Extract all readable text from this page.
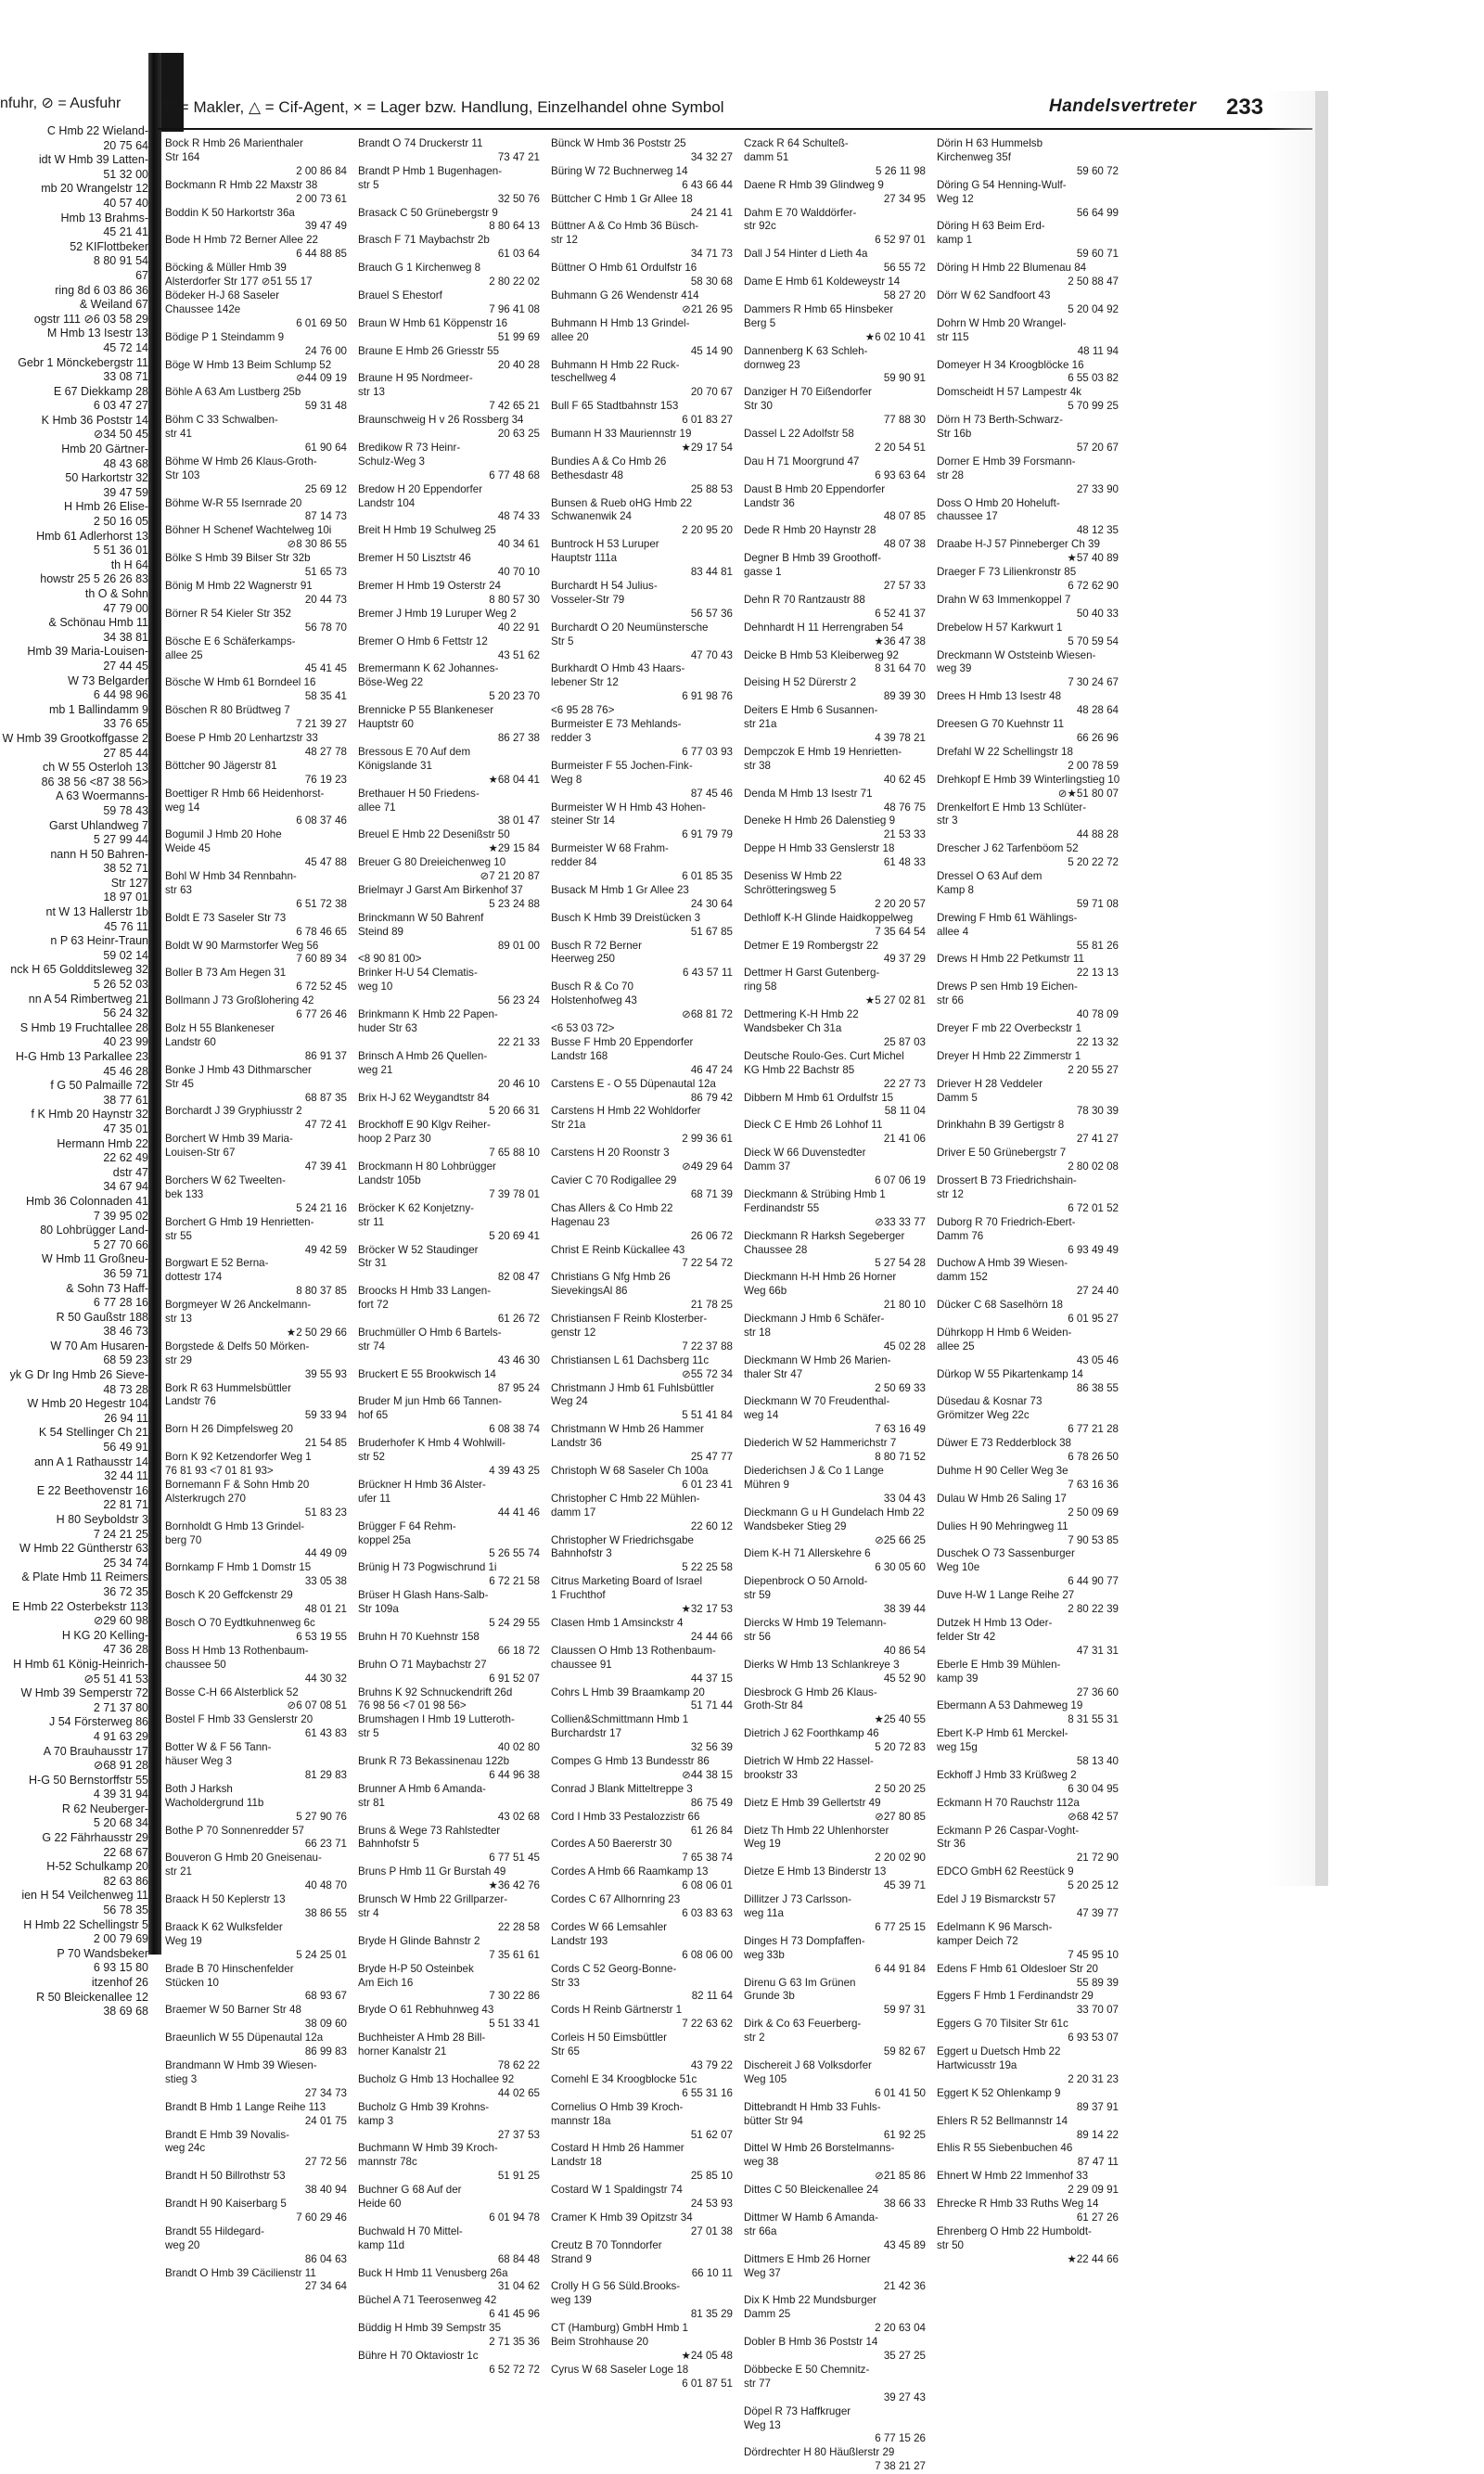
nfuhr, ⊘ = Ausfuhr
C Hmb 22 Wieland-
20 75 64
idt W Hmb 39 Latten-
51 32 00
mb 20 Wrangelstr 12
40 57 40
Hmb 13 Brahms-
45 21 41
52 KIFlottbeker
8 80 91 54
67
ring 8d 6 03 86 36
& Weiland 67
ogstr 111 ⊘6 03 58 29
M Hmb 13 Isestr 13
45 72 14
Gebr 1 Mönckebergstr 11
33 08 71
E 67 Diekkamp 28
6 03 47 27
K Hmb 36 Poststr 14
⊘34 50 45
Hmb 20 Gärtner-
48 43 68
50 Harkortstr 32
39 47 59
H Hmb 26 Elise-
2 50 16 05
Hmb 61 Adlerhorst 13
5 51 36 01
th H 64
howstr 25 5 26 26 83
th O & Sohn
47 79 00
& Schönau Hmb 11
34 38 81
Hmb 39 Maria-Louisen-
27 44 45
W 73 Belgarder
6 44 98 96
mb 1 Ballindamm 9
33 76 65
W Hmb 39 Grootkoffgasse 2
27 85 44
ch W 55 Osterloh 13
86 38 56 <87 38 56>
A 63 Woermanns-
59 78 43
Garst Uhlandweg 7
5 27 99 44
nann H 50 Bahren-
38 52 71
Str 127
18 97 01
nt W 13 Hallerstr 1b
45 76 11
n P 63 Heinr-Traun
59 02 14
nck H 65 Goldditsleweg 32
5 26 52 03
nn A 54 Rimbertweg 21
56 24 32
S Hmb 19 Fruchtallee 28
40 23 99
H-G Hmb 13 Parkallee 23
45 46 28
f G 50 Palmaille 72
38 77 61
f K Hmb 20 Haynstr 32
47 35 01
Hermann Hmb 22
22 62 49
dstr 47
34 67 94
Hmb 36 Colonnaden 41
7 39 95 02
80 Lohbrügger Land-
5 27 70 66
W Hmb 11 Großneu-
36 59 71
& Sohn 73 Haff-
6 77 28 16
R 50 Gaußstr 188
38 46 73
W 70 Am Husaren-
68 59 23
yk G Dr Ing Hmb 26 Sieve-
48 73 28
W Hmb 20 Hegestr 104
26 94 11
K 54 Stellinger Ch 21
56 49 91
ann A 1 Rathausstr 14
32 44 11
E 22 Beethovenstr 16
22 81 71
H 80 Seyboldstr 3
7 24 21 25
W Hmb 22 Güntherstr 63
25 34 74
& Plate Hmb 11 Reimers
36 72 35
E Hmb 22 Osterbekstr 113
⊘29 60 98
H KG 20 Kelling-
47 36 28
H Hmb 61 König-Heinrich-
⊘5 51 41 53
W Hmb 39 Semperstr 72
2 71 37 80
J 54 Försterweg 86
4 91 63 29
A 70 Brauhausstr 17
⊘68 91 28
H-G 50 Bernstorffstr 55
4 39 31 94
R 62 Neuberger-
5 20 68 34
G 22 Fährhausstr 29
22 68 67
H-52 Schulkamp 20
82 63 86
ien H 54 Veilchenweg 11
56 78 35
H Hmb 22 Schellingstr 5
2 00 79 69
P 70 Wandsbeker
6 93 15 80
itzenhof 26
R 50 Bleickenallee 12
38 69 68
▽ = Makler, △ = Cif-Agent, × = Lager bzw. Handlung, Einzelhandel ohne Symbol	Handelsvertreter 233
Bock R Hmb 26 Marienthaler
Str 164
2 00 86 84
Bockmann R Hmb 22 Maxstr 38
2 00 73 61
Boddin K 50 Harkortstr 36a
39 47 49
Bode H Hmb 72 Berner Allee 22
6 44 88 85
Böcking & Müller Hmb 39
Alsterdorfer Str 177 ⊘51 55 17
Bödeker H-J 68 Saseler
Chaussee 142e
6 01 69 50
Bödige P 1 Steindamm 9
24 76 00
Böge W Hmb 13 Beim Schlump 52
⊘44 09 19
Böhle A 63 Am Lustberg 25b
59 31 48
Böhm C 33 Schwalben-
str 41
61 90 64
Böhme W Hmb 26 Klaus-Groth-
Str 103
25 69 12
Böhme W-R 55 Isernrade 20
87 14 73
Böhner H Schenef Wachtelweg 10i
⊘8 30 86 55
Bölke S Hmb 39 Bilser Str 32b
51 65 73
Bönig M Hmb 22 Wagnerstr 91
20 44 73
Börner R 54 Kieler Str 352
56 78 70
Bösche E 6 Schäferkamps-
allee 25
45 41 45
Bösche W Hmb 61 Borndeel 16
58 35 41
Böschen R 80 Brüdtweg 7
7 21 39 27
Boese P Hmb 20 Lenhartzstr 33
48 27 78
Böttcher 90 Jägerstr 81
76 19 23
Boettiger R Hmb 66 Heidenhorst-
weg 14
6 08 37 46
Bogumil J Hmb 20 Hohe
Weide 45
45 47 88
Bohl W Hmb 34 Rennbahn-
str 63
6 51 72 38
Boldt E 73 Saseler Str 73
6 78 46 65
Boldt W 90 Marmstorfer Weg 56
7 60 89 34
Boller B 73 Am Hegen 31
6 72 52 45
Bollmann J 73 Großlohering 42
6 77 26 46
Bolz H 55 Blankeneser
Landstr 60
86 91 37
Bonke J Hmb 43 Dithmarscher
Str 45
68 87 35
Borchardt J 39 Gryphiusstr 2
47 72 41
Borchert W Hmb 39 Maria-
Louisen-Str 67
47 39 41
Borchers W 62 Tweelten-
bek 133
5 24 21 16
Borchert G Hmb 19 Henrietten-
str 55
49 42 59
Borgwart E 52 Berna-
dottestr 174
8 80 37 85
Borgmeyer W 26 Anckelmann-
str 13
★2 50 29 66
Borgstede & Delfs 50 Mörken-
str 29
39 55 93
Bork R 63 Hummelsbüttler
Landstr 76
59 33 94
Born H 26 Dimpfelsweg 20
21 54 85
Born K 92 Ketzendorfer Weg 1
76 81 93 <7 01 81 93>
Bornemann F & Sohn Hmb 20
Alsterkrugch 270
51 83 23
Bornholdt G Hmb 13 Grindel-
berg 70
44 49 09
Bornkamp F Hmb 1 Domstr 15
33 05 38
Bosch K 20 Geffckenstr 29
48 01 21
Bosch O 70 Eydtkuhnenweg 6c
6 53 19 55
Boss H Hmb 13 Rothenbaum-
chaussee 50
44 30 32
Bosse C-H 66 Alsterblick 52
⊘6 07 08 51
Bostel F Hmb 33 Genslerstr 20
61 43 83
Botter W & F 56 Tann-
häuser Weg 3
81 29 83
Both J Harksh
Wacholdergrund 11b
5 27 90 76
Bothe P 70 Sonnenredder 57
66 23 71
Bouveron G Hmb 20 Gneisenau-
str 21
40 48 70
Braack H 50 Keplerstr 13
38 86 55
Braack K 62 Wulksfelder
Weg 19
5 24 25 01
Brade B 70 Hinschenfelder
Stücken 10
68 93 67
Braemer W 50 Barner Str 48
38 09 60
Braeunlich W 55 Düpenautal 12a
86 99 83
Brandmann W Hmb 39 Wiesen-
stieg 3
27 34 73
Brandt B Hmb 1 Lange Reihe 113
24 01 75
Brandt E Hmb 39 Novalis-
weg 24c
27 72 56
Brandt H 50 Billrothstr 53
38 40 94
Brandt H 90 Kaiserbarg 5
7 60 29 46
Brandt 55 Hildegard-
weg 20
86 04 63
Brandt O Hmb 39 Cäcilienstr 11
27 34 64
Brandt O 74 Druckerstr 11
73 47 21
Brandt P Hmb 1 Bugenhagen-
str 5
32 50 76
Brasack C 50 Grünebergstr 9
8 80 64 13
Brasch F 71 Maybachstr 2b
61 03 64
Brauch G 1 Kirchenweg 8
2 80 22 02
Brauel S Ehestorf
7 96 41 08
Braun W Hmb 61 Köppenstr 16
51 99 69
Braune E Hmb 26 Griesstr 55
20 40 28
Braune H 95 Nordmeer-
str 13
7 42 65 21
Braunschweig H v 26 Rossberg 34
20 63 25
Bredikow R 73 Heinr-
Schulz-Weg 3
6 77 48 68
Bredow H 20 Eppendorfer
Landstr 104
48 74 33
Breit H Hmb 19 Schulweg 25
40 34 61
Bremer H 50 Lisztstr 46
40 70 10
Bremer H Hmb 19 Osterstr 24
8 80 57 30
Bremer J Hmb 19 Luruper Weg 2
40 22 91
Bremer O Hmb 6 Fettstr 12
43 51 62
Bremermann K 62 Johannes-
Böse-Weg 22
5 20 23 70
Brennicke P 55 Blankeneser
Hauptstr 60
86 27 38
Bressous E 70 Auf dem
Königslande 31
★68 04 41
Brethauer H 50 Friedens-
allee 71
38 01 47
Breuel E Hmb 22 Desenißstr 50
★29 15 84
Breuer G 80 Dreieichenweg 10
⊘7 21 20 87
Brielmayr J Garst Am Birkenhof 37
5 23 24 88
Brinckmann W 50 Bahrenf
Steind 89
89 01 00
<8 90 81 00>
Brinker H-U 54 Clematis-
weg 10
56 23 24
Brinkmann K Hmb 22 Papen-
huder Str 63
22 21 33
Brinsch A Hmb 26 Quellen-
weg 21
20 46 10
Brix H-J 62 Weygandtstr 84
5 20 66 31
Brockhoff E 90 Klgv Reiher-
hoop 2 Parz 30
7 65 88 10
Brockmann H 80 Lohbrügger
Landstr 105b
7 39 78 01
Bröcker K 62 Konjetzny-
str 11
5 20 69 41
Bröcker W 52 Staudinger
Str 31
82 08 47
Broocks H Hmb 33 Langen-
fort 72
61 26 72
Bruchmüller O Hmb 6 Bartels-
str 74
43 46 30
Bruckert E 55 Brookwisch 14
87 95 24
Bruder M jun Hmb 66 Tannen-
hof 65
6 08 38 74
Bruderhofer K Hmb 4 Wohlwill-
str 52
4 39 43 25
Brückner H Hmb 36 Alster-
ufer 11
44 41 46
Brügger F 64 Rehm-
koppel 25a
5 26 55 74
Brünig H 73 Pogwischrund 1i
6 72 21 58
Brüser H Glash Hans-Salb-
Str 109a
5 24 29 55
Bruhn H 70 Kuehnstr 158
66 18 72
Bruhn O 71 Maybachstr 27
6 91 52 07
Bruhns K 92 Schnuckendrift 26d
76 98 56 <7 01 98 56>
Brumshagen I Hmb 19 Lutteroth-
str 5
40 02 80
Brunk R 73 Bekassinenau 122b
6 44 96 38
Brunner A Hmb 6 Amanda-
str 81
43 02 68
Bruns & Wege 73 Rahlstedter
Bahnhofstr 5
6 77 51 45
Bruns P Hmb 11 Gr Burstah 49
★36 42 76
Brunsch W Hmb 22 Grillparzer-
str 4
22 28 58
Bryde H Glinde Bahnstr 2
7 35 61 61
Bryde H-P 50 Osteinbek
Am Eich 16
7 30 22 86
Bryde O 61 Rebhuhnweg 43
5 51 33 41
Buchheister A Hmb 28 Bill-
horner Kanalstr 21
78 62 22
Bucholz G Hmb 13 Hochallee 92
44 02 65
Bucholz G Hmb 39 Krohns-
kamp 3
27 37 53
Buchmann W Hmb 39 Kroch-
mannstr 78c
51 91 25
Buchner G 68 Auf der
Heide 60
6 01 94 78
Buchwald H 70 Mittel-
kamp 11d
68 84 48
Buck H Hmb 11 Venusberg 26a
31 04 62
Büchel A 71 Teerosenweg 42
6 41 45 96
Büddig H Hmb 39 Sempstr 35
2 71 35 36
Bühre H 70 Oktaviostr 1c
6 52 72 72
Bünck W Hmb 36 Poststr 25
34 32 27
Büring W 72 Buchnerweg 14
6 43 66 44
Büttcher C Hmb 1 Gr Allee 18
24 21 41
Büttner A & Co Hmb 36 Büsch-
str 12
34 71 73
Büttner O Hmb 61 Ordulfstr 16
58 30 68
Buhmann G 26 Wendenstr 414
⊘21 26 95
Buhmann H Hmb 13 Grindel-
allee 20
45 14 90
Buhmann H Hmb 22 Ruck-
teschellweg 4
20 70 67
Bull F 65 Stadtbahnstr 153
6 01 83 27
Bumann H 33 Mauriennstr 19
★29 17 54
Bundies A & Co Hmb 26
Bethesdastr 48
25 88 53
Bunsen & Rueb oHG Hmb 22
Schwanenwik 24
2 20 95 20
Buntrock H 53 Luruper
Hauptstr 111a
83 44 81
Burchardt H 54 Julius-
Vosseler-Str 79
56 57 36
Burchardt O 20 Neumünstersche
Str 5
47 70 43
Burkhardt O Hmb 43 Haars-
lebener Str 12
6 91 98 76
<6 95 28 76>
Burmeister E 73 Mehlands-
redder 3
6 77 03 93
Burmeister F 55 Jochen-Fink-
Weg 8
87 45 46
Burmeister W H Hmb 43 Hohen-
steiner Str 14
6 91 79 79
Burmeister W 68 Frahm-
redder 84
6 01 85 35
Busack M Hmb 1 Gr Allee 23
24 30 64
Busch K Hmb 39 Dreistücken 3
51 67 85
Busch R 72 Berner
Heerweg 250
6 43 57 11
Busch R & Co 70
Holstenhofweg 43
⊘68 81 72
<6 53 03 72>
Busse F Hmb 20 Eppendorfer
Landstr 168
46 47 24
Carstens E - O 55 Düpenautal 12a
86 79 42
Carstens H Hmb 22 Wohldorfer
Str 21a
2 99 36 61
Carstens H 20 Roonstr 3
⊘49 29 64
Cavier C 70 Rodigallee 29
68 71 39
Chas Allers & Co Hmb 22
Hagenau 23
26 06 72
Christ E Reinb Kückallee 43
7 22 54 72
Christians G Nfg Hmb 26
SievekingsAl 86
21 78 25
Christiansen F Reinb Klosterber-
genstr 12
7 22 37 88
Christiansen L 61 Dachsberg 11c
⊘55 72 34
Christmann J Hmb 61 Fuhlsbüttler
Weg 24
5 51 41 84
Christmann W Hmb 26 Hammer
Landstr 36
25 47 77
Christoph W 68 Saseler Ch 100a
6 01 23 41
Christopher C Hmb 22 Mühlen-
damm 17
22 60 12
Christopher W Friedrichsgabe
Bahnhofstr 3
5 22 25 58
Citrus Marketing Board of Israel
1 Fruchthof
★32 17 53
Clasen Hmb 1 Amsinckstr 4
24 44 66
Claussen O Hmb 13 Rothenbaum-
chaussee 91
44 37 15
Cohrs L Hmb 39 Braamkamp 20
51 71 44
Collien&Schmittmann Hmb 1
Burchardstr 17
32 56 39
Compes G Hmb 13 Bundesstr 86
⊘44 38 15
Conrad J Blank Mitteltreppe 3
86 75 49
Cord I Hmb 33 Pestalozzistr 66
61 26 84
Cordes A 50 Baererstr 30
7 65 38 74
Cordes A Hmb 66 Raamkamp 13
6 08 06 01
Cordes C 67 Allhornring 23
6 03 83 63
Cordes W 66 Lemsahler
Landstr 193
6 08 06 00
Cords C 52 Georg-Bonne-
Str 33
82 11 64
Cords H Reinb Gärtnerstr 1
7 22 63 62
Corleis H 50 Eimsbüttler
Str 65
43 79 22
Cornehl E 34 Kroogblocke 51c
6 55 31 16
Cornelius O Hmb 39 Kroch-
mannstr 18a
51 62 07
Costard H Hmb 26 Hammer
Landstr 18
25 85 10
Costard W 1 Spaldingstr 74
24 53 93
Cramer K Hmb 39 Opitzstr 34
27 01 38
Creutz B 70 Tonndorfer
Strand 9
66 10 11
Crolly H G 56 Süld.Brooks-
weg 139
81 35 29
CT (Hamburg) GmbH Hmb 1
Beim Strohhause 20
★24 05 48
Cyrus W 68 Saseler Loge 18
6 01 87 51
Czack R 64 Schulteß-
damm 51
5 26 11 98
Daene R Hmb 39 Glindweg 9
27 34 95
Dahm E 70 Walddörfer-
str 92c
6 52 97 01
Dall J 54 Hinter d Lieth 4a
56 55 72
Dame E Hmb 61 Koldeweystr 14
58 27 20
Dammers R Hmb 65 Hinsbeker
Berg 5
★6 02 10 41
Dannenberg K 63 Schleh-
dornweg 23
59 90 91
Danziger H 70 Eißendorfer
Str 30
77 88 30
Dassel L 22 Adolfstr 58
2 20 54 51
Dau H 71 Moorgrund 47
6 93 63 64
Daust B Hmb 20 Eppendorfer
Landstr 36
48 07 85
Dede R Hmb 20 Haynstr 28
48 07 38
Degner B Hmb 39 Groothoff-
gasse 1
27 57 33
Dehn R 70 Rantzaustr 88
6 52 41 37
Dehnhardt H 11 Herrengraben 54
★36 47 38
Deicke B Hmb 53 Kleiberweg 92
8 31 64 70
Deising H 52 Dürerstr 2
89 39 30
Deiters E Hmb 6 Susannen-
str 21a
4 39 78 21
Dempczok E Hmb 19 Henrietten-
str 38
40 62 45
Denda M Hmb 13 Isestr 71
48 76 75
Deneke H Hmb 26 Dalenstieg 9
21 53 33
Deppe H Hmb 33 Genslerstr 18
61 48 33
Deseniss W Hmb 22
Schrötteringsweg 5
2 20 20 57
Dethloff K-H Glinde Haidkoppelweg
7 35 64 54
Detmer E 19 Rombergstr 22
49 37 29
Dettmer H Garst Gutenberg-
ring 58
★5 27 02 81
Dettmering K-H Hmb 22
Wandsbeker Ch 31a
25 87 03
Deutsche Roulo-Ges. Curt Michel
KG Hmb 22 Bachstr 85
22 27 73
Dibbern M Hmb 61 Ordulfstr 15
58 11 04
Dieck C E Hmb 26 Lohhof 11
21 41 06
Dieck W 66 Duvenstedter
Damm 37
6 07 06 19
Dieckmann & Strübing Hmb 1
Ferdinandstr 55
⊘33 33 77
Dieckmann R Harksh Segeberger
Chaussee 28
5 27 54 28
Dieckmann H-H Hmb 26 Horner
Weg 66b
21 80 10
Dieckmann J Hmb 6 Schäfer-
str 18
45 02 28
Dieckmann W Hmb 26 Marien-
thaler Str 47
2 50 69 33
Dieckmann W 70 Freudenthal-
weg 14
7 63 16 49
Diederich W 52 Hammerichstr 7
8 80 71 52
Diederichsen J & Co 1 Lange
Mühren 9
33 04 43
Dieckmann G u H Gundelach Hmb 22
Wandsbeker Stieg 29
⊘25 66 25
Diem K-H 71 Allerskehre 6
6 30 05 60
Diepenbrock O 50 Arnold-
str 59
38 39 44
Diercks W Hmb 19 Telemann-
str 56
40 86 54
Dierks W Hmb 13 Schlankreye 3
45 52 90
Diesbrock G Hmb 26 Klaus-
Groth-Str 84
★25 40 55
Dietrich J 62 Foorthkamp 46
5 20 72 83
Dietrich W Hmb 22 Hassel-
brookstr 33
2 50 20 25
Dietz E Hmb 39 Gellertstr 49
⊘27 80 85
Dietz Th Hmb 22 Uhlenhorster
Weg 19
2 20 02 90
Dietze E Hmb 13 Binderstr 13
45 39 71
Dillitzer J 73 Carlsson-
weg 11a
6 77 25 15
Dinges H 73 Dompfaffen-
weg 33b
6 44 91 84
Direnu G 63 Im Grünen
Grunde 3b
59 97 31
Dirk & Co 63 Feuerberg-
str 2
59 82 67
Dischereit J 68 Volksdorfer
Weg 105
6 01 41 50
Dittebrandt H Hmb 33 Fuhls-
bütter Str 94
61 92 25
Dittel W Hmb 26 Borstelmanns-
weg 38
⊘21 85 86
Dittes C 50 Bleickenallee 24
38 66 33
Dittmer W Hamb 6 Amanda-
str 66a
43 45 89
Dittmers E Hmb 26 Horner
Weg 37
21 42 36
Dix K Hmb 22 Mundsburger
Damm 25
2 20 63 04
Dobler B Hmb 36 Poststr 14
35 27 25
Döbbecke E 50 Chemnitz-
str 77
39 27 43
Döpel R 73 Haffkruger
Weg 13
6 77 15 26
Dördrechter H 80 Häußlerstr 29
7 38 21 27
Dörin H 63 Hummelsb
Kirchenweg 35f
59 60 72
Döring G 54 Henning-Wulf-
Weg 12
56 64 99
Döring H 63 Beim Erd-
kamp 1
59 60 71
Döring H Hmb 22 Blumenau 84
2 50 88 47
Dörr W 62 Sandfoort 43
5 20 04 92
Dohrn W Hmb 20 Wrangel-
str 115
48 11 94
Domeyer H 34 Kroogblöcke 16
6 55 03 82
Domscheidt H 57 Lampestr 4k
5 70 99 25
Dörn H 73 Berth-Schwarz-
Str 16b
57 20 67
Dorner E Hmb 39 Forsmann-
str 28
27 33 90
Doss O Hmb 20 Hoheluft-
chaussee 17
48 12 35
Draabe H-J 57 Pinneberger Ch 39
★57 40 89
Draeger F 73 Lilienkronstr 85
6 72 62 90
Drahn W 63 Immenkoppel 7
50 40 33
Drebelow H 57 Karkwurt 1
5 70 59 54
Dreckmann W Oststeinb Wiesen-
weg 39
7 30 24 67
Drees H Hmb 13 Isestr 48
48 28 64
Dreesen G 70 Kuehnstr 11
66 26 96
Drefahl W 22 Schellingstr 18
2 00 78 59
Drehkopf E Hmb 39 Winterlingstieg 10
⊘★51 80 07
Drenkelfort E Hmb 13 Schlüter-
str 3
44 88 28
Drescher J 62 Tarfenböom 52
5 20 22 72
Dressel O 63 Auf dem
Kamp 8
59 71 08
Drewing F Hmb 61 Wählings-
allee 4
55 81 26
Drews H Hmb 22 Petkumstr 11
22 13 13
Drews P sen Hmb 19 Eichen-
str 66
40 78 09
Dreyer F mb 22 Overbeckstr 1
22 13 32
Dreyer H Hmb 22 Zimmerstr 1
2 20 55 27
Driever H 28 Veddeler
Damm 5
78 30 39
Drinkhahn B 39 Gertigstr 8
27 41 27
Driver E 50 Grünebergstr 7
2 80 02 08
Drossert B 73 Friedrichshain-
str 12
6 72 01 52
Duborg R 70 Friedrich-Ebert-
Damm 76
6 93 49 49
Duchow A Hmb 39 Wiesen-
damm 152
27 24 40
Dücker C 68 Saselhörn 18
6 01 95 27
Dührkopp H Hmb 6 Weiden-
allee 25
43 05 46
Dürkop W 55 Pikartenkamp 14
86 38 55
Düsedau & Kosnar 73
Grömitzer Weg 22c
6 77 21 28
Düwer E 73 Redderblock 38
6 78 26 50
Duhme H 90 Celler Weg 3e
7 63 16 36
Dulau W Hmb 26 Saling 17
2 50 09 69
Dulies H 90 Mehringweg 11
7 90 53 85
Duschek O 73 Sassenburger
Weg 10e
6 44 90 77
Duve H-W 1 Lange Reihe 27
2 80 22 39
Dutzek H Hmb 13 Oder-
felder Str 42
47 31 31
Eberle E Hmb 39 Mühlen-
kamp 39
27 36 60
Ebermann A 53 Dahmeweg 19
8 31 55 31
Ebert K-P Hmb 61 Merckel-
weg 15g
58 13 40
Eckhoff J Hmb 33 Krüßweg 2
6 30 04 95
Eckmann H 70 Rauchstr 112a
⊘68 42 57
Eckmann P 26 Caspar-Voght-
Str 36
21 72 90
EDCO GmbH 62 Reestück 9
5 20 25 12
Edel J 19 Bismarckstr 57
47 39 77
Edelmann K 96 Marsch-
kamper Deich 72
7 45 95 10
Edens F Hmb 61 Oldesloer Str 20
55 89 39
Eggers F Hmb 1 Ferdinandstr 29
33 70 07
Eggers G 70 Tilsiter Str 61c
6 93 53 07
Eggert u Duetsch Hmb 22
Hartwicusstr 19a
2 20 31 23
Eggert K 52 Ohlenkamp 9
89 37 91
Ehlers R 52 Bellmannstr 14
89 14 22
Ehlis R 55 Siebenbuchen 46
87 47 11
Ehnert W Hmb 22 Immenhof 33
2 29 09 91
Ehrecke R Hmb 33 Ruths Weg 14
61 27 26
Ehrenberg O Hmb 22 Humboldt-
str 50
★22 44 66
